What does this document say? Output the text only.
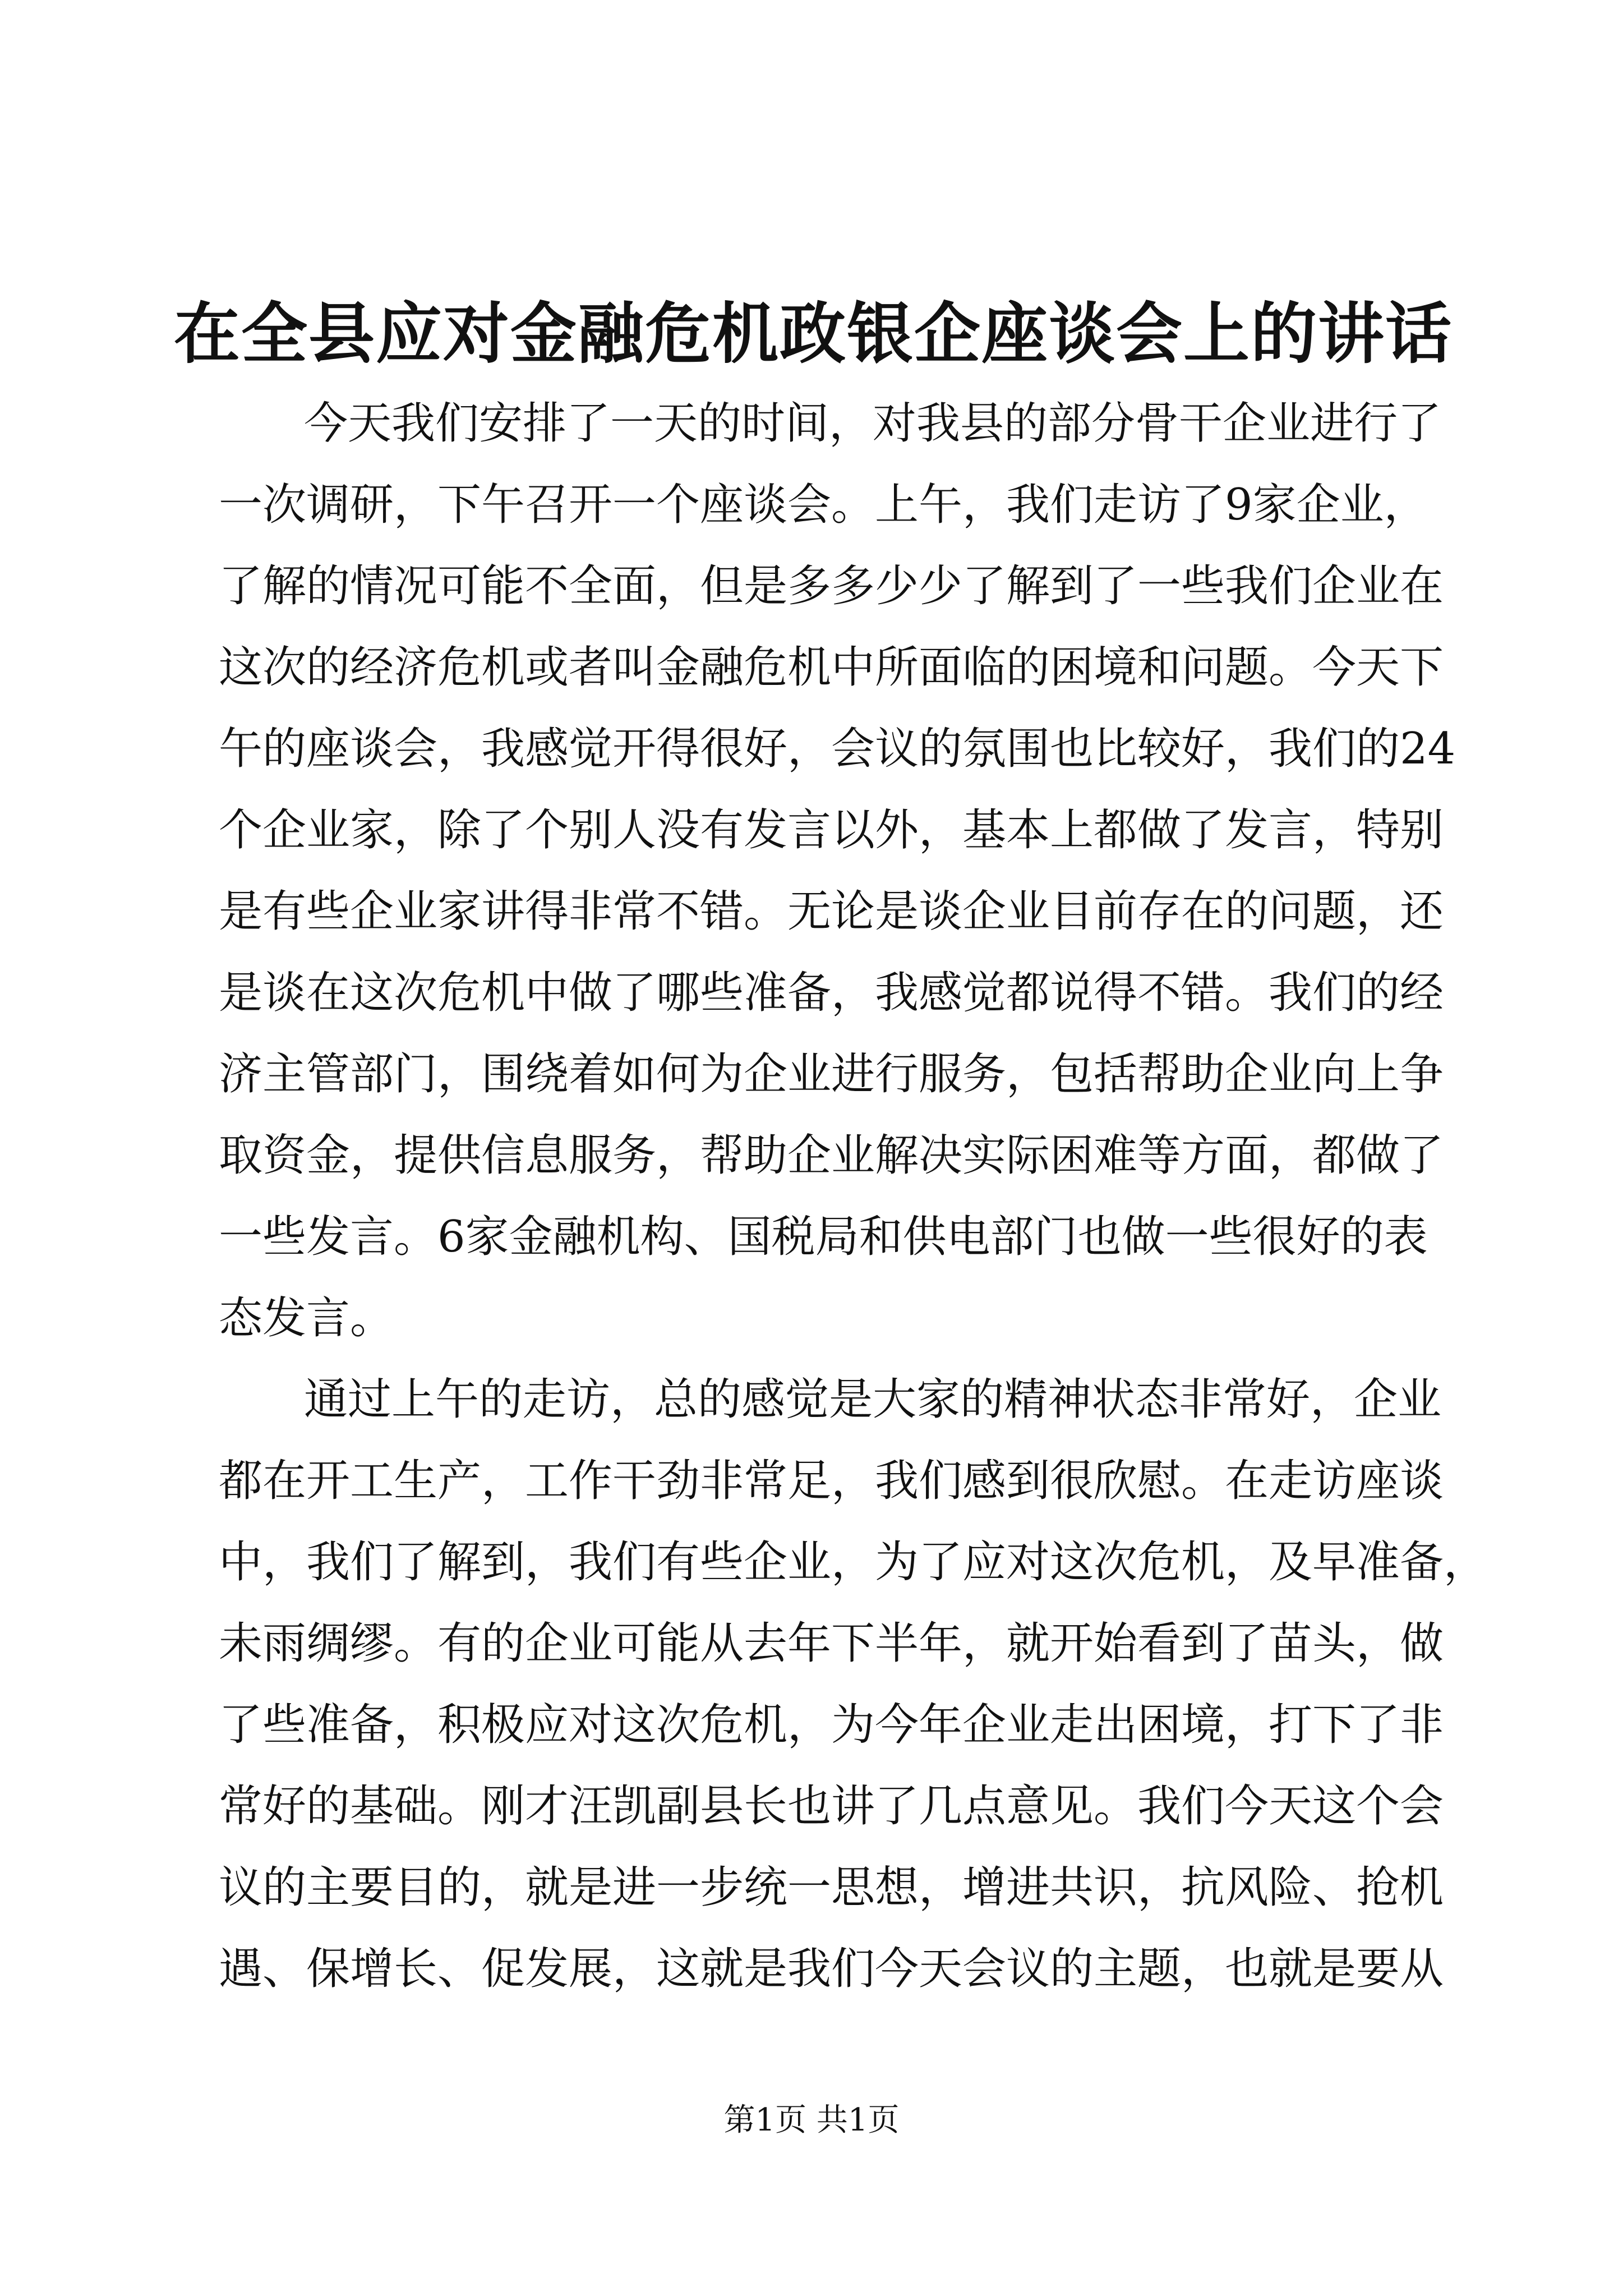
在全县应对金融危机政银企座谈会上的讲话
今天我们安排了一天的时间，对我县的部分骨干企业进行了
一次调研，下午召开一个座谈会。上午，我们走访了9家企业，
了解的情况可能不全面，但是多多少少了解到了一些我们企业在
这次的经济危机或者叫金融危机中所面临的困境和问题。今天下
午的座谈会，我感觉开得很好，会议的氛围也比较好，我们的24
个企业家，除了个别人没有发言以外，基本上都做了发言，特别
是有些企业家讲得非常不错。无论是谈企业目前存在的问题，还
是谈在这次危机中做了哪些准备，我感觉都说得不错。我们的经
济主管部门，围绕着如何为企业进行服务，包括帮助企业向上争
取资金，提供信息服务，帮助企业解决实际困难等方面，都做了
一些发言。6家金融机构、国税局和供电部门也做一些很好的表
态发言。
通过上午的走访，总的感觉是大家的精神状态非常好，企业
都在开工生产，工作干劲非常足，我们感到很欣慰。在走访座谈
中，我们了解到，我们有些企业，为了应对这次危机，及早准备，
未雨绸缪。有的企业可能从去年下半年，就开始看到了苗头，做
了些准备，积极应对这次危机，为今年企业走出困境，打下了非
常好的基础。刚才汪凯副县长也讲了几点意见。我们今天这个会
议的主要目的，就是进一步统一思想，增进共识，抗风险、抢机
遇、保增长、促发展，这就是我们今天会议的主题，也就是要从
第1页 共1页
